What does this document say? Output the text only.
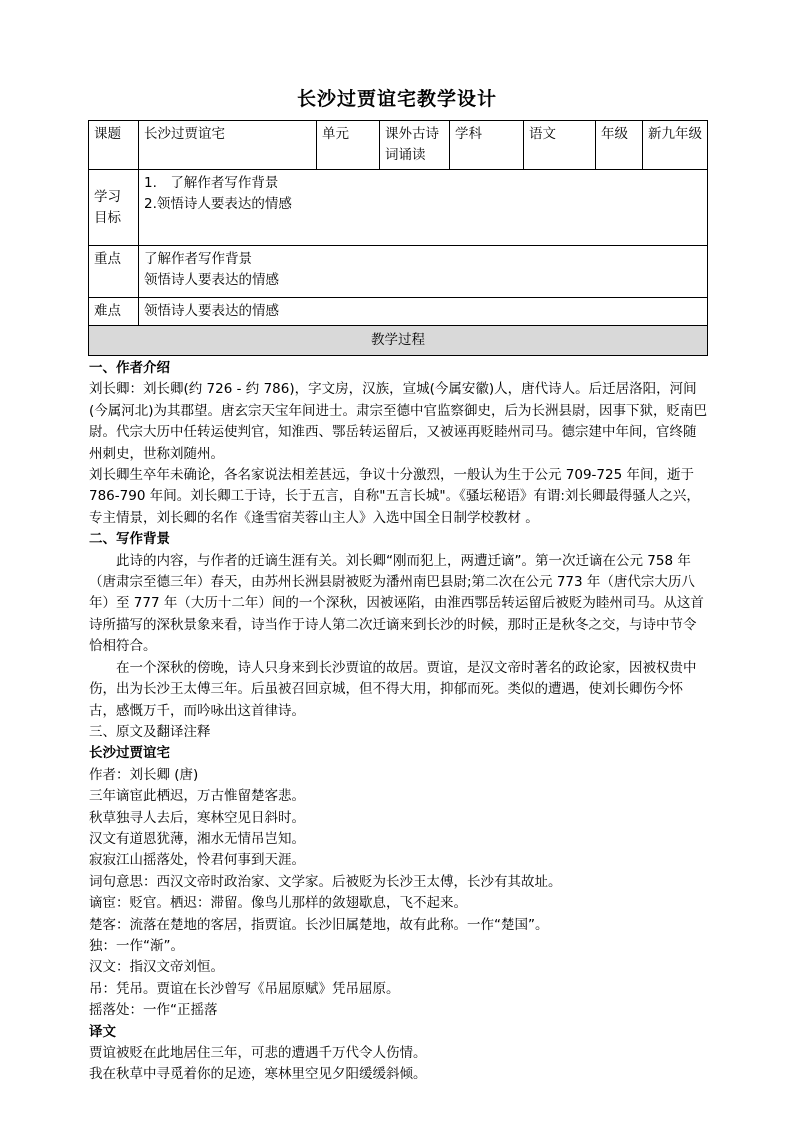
长沙过贾谊宅教学设计
课题	长沙过贾谊宅	单元	课外古诗词诵读	学科	语文	年级	新九年级
学习目标	1.　了解作者写作背景
2.领悟诗人要表达的情感						

重点	了解作者写作背景
领悟诗人要表达的情感						

难点	领悟诗人要表达的情感						
教学过程							

一、作者介绍

刘长卿：刘长卿(约 726 - 约 786)，字文房，汉族，宣城(今属安徽)人，唐代诗人。后迁居洛阳，河间(今属河北)为其郡望。唐玄宗天宝年间进士。肃宗至德中官监察御史，后为长洲县尉，因事下狱，贬南巴尉。代宗大历中任转运使判官，知淮西、鄂岳转运留后，又被诬再贬睦州司马。德宗建中年间，官终随州刺史，世称刘随州。

刘长卿生卒年未确论，各名家说法相差甚远，争议十分激烈，一般认为生于公元 709-725 年间，逝于 786-790 年间。刘长卿工于诗，长于五言，自称"五言长城"。《骚坛秘语》有谓:刘长卿最得骚人之兴，专主情景，刘长卿的名作《逢雪宿芙蓉山主人》入选中国全日制学校教材 。

二、写作背景

此诗的内容，与作者的迁谪生涯有关。刘长卿“刚而犯上，两遭迁谪”。第一次迁谪在公元 758 年（唐肃宗至德三年）春天，由苏州长洲县尉被贬为潘州南巴县尉;第二次在公元 773 年（唐代宗大历八年）至 777 年（大历十二年）间的一个深秋，因被诬陷，由淮西鄂岳转运留后被贬为睦州司马。从这首诗所描写的深秋景象来看，诗当作于诗人第二次迁谪来到长沙的时候，那时正是秋冬之交，与诗中节令恰相符合。

在一个深秋的傍晚，诗人只身来到长沙贾谊的故居。贾谊，是汉文帝时著名的政论家，因被权贵中伤，出为长沙王太傅三年。后虽被召回京城，但不得大用，抑郁而死。类似的遭遇，使刘长卿伤今怀古，感慨万千，而吟咏出这首律诗。

三、原文及翻译注释

长沙过贾谊宅

作者：刘长卿 (唐)

三年谪宦此栖迟，万古惟留楚客悲。

秋草独寻人去后，寒林空见日斜时。

汉文有道恩犹薄，湘水无情吊岂知。

寂寂江山摇落处，怜君何事到天涯。

词句意思：西汉文帝时政治家、文学家。后被贬为长沙王太傅，长沙有其故址。

谪宦：贬官。栖迟：滞留。像鸟儿那样的敛翅歇息，飞不起来。

楚客：流落在楚地的客居，指贾谊。长沙旧属楚地，故有此称。一作“楚国”。

独：一作“渐”。

汉文：指汉文帝刘恒。

吊：凭吊。贾谊在长沙曾写《吊屈原赋》凭吊屈原。

摇落处：一作“正摇落

译文

贾谊被贬在此地居住三年，可悲的遭遇千万代令人伤情。

我在秋草中寻觅着你的足迹，寒林里空见夕阳缓缓斜倾。
